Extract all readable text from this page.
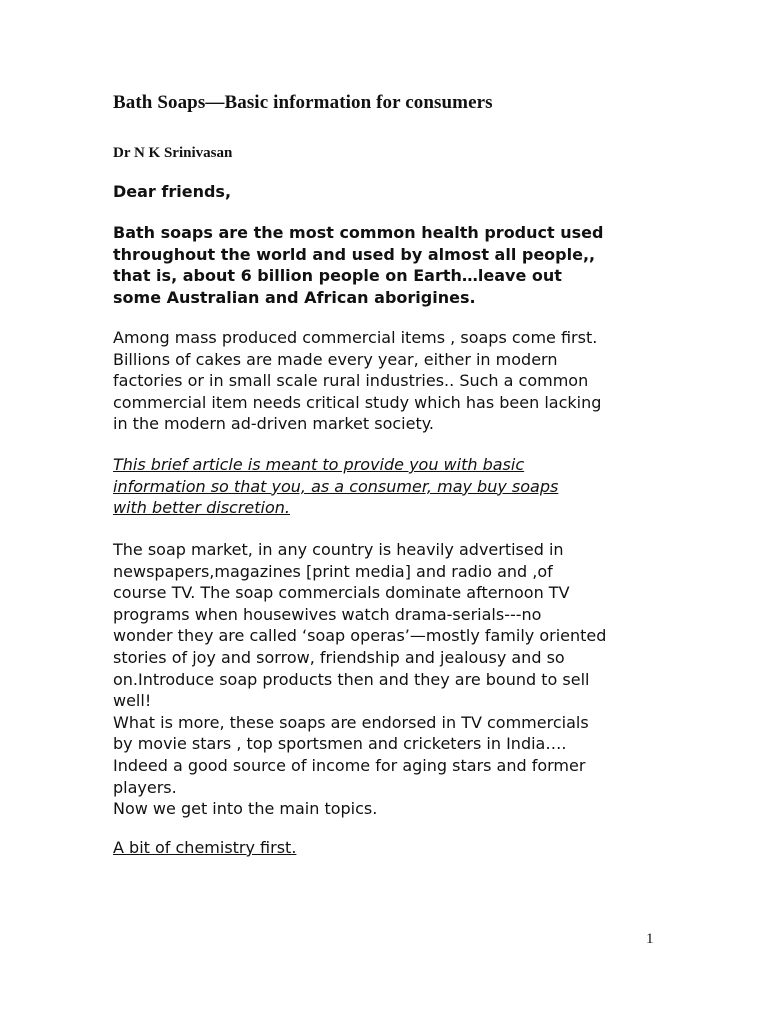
Bath Soaps—Basic information for consumers
Dr N K Srinivasan
Dear friends,
Bath soaps are the most common health product used
throughout the world and used by almost all people,,
that is, about 6 billion people on Earth…leave out
some Australian and African aborigines.
Among mass produced commercial items , soaps come first.
Billions of cakes are made every year, either in modern
factories or in small scale rural industries.. Such a common
commercial item needs critical study which has been lacking
in the modern ad-driven market society.
This brief article is meant to provide you with basic
information so that you, as a consumer, may buy soaps
with better discretion.
The soap market, in any country is heavily advertised in
newspapers,magazines [print media] and radio and ,of
course TV. The soap commercials dominate afternoon TV
programs when housewives watch drama-serials---no
wonder they are called ‘soap operas’—mostly family oriented
stories of joy and sorrow, friendship and jealousy and so
on.Introduce soap products then and they are bound to sell
well!
What is more, these soaps are endorsed in TV commercials
by movie stars , top sportsmen and cricketers in India….
Indeed a good source of income for aging stars and former
players.
Now we get into the main topics.
A bit of chemistry first.
1
